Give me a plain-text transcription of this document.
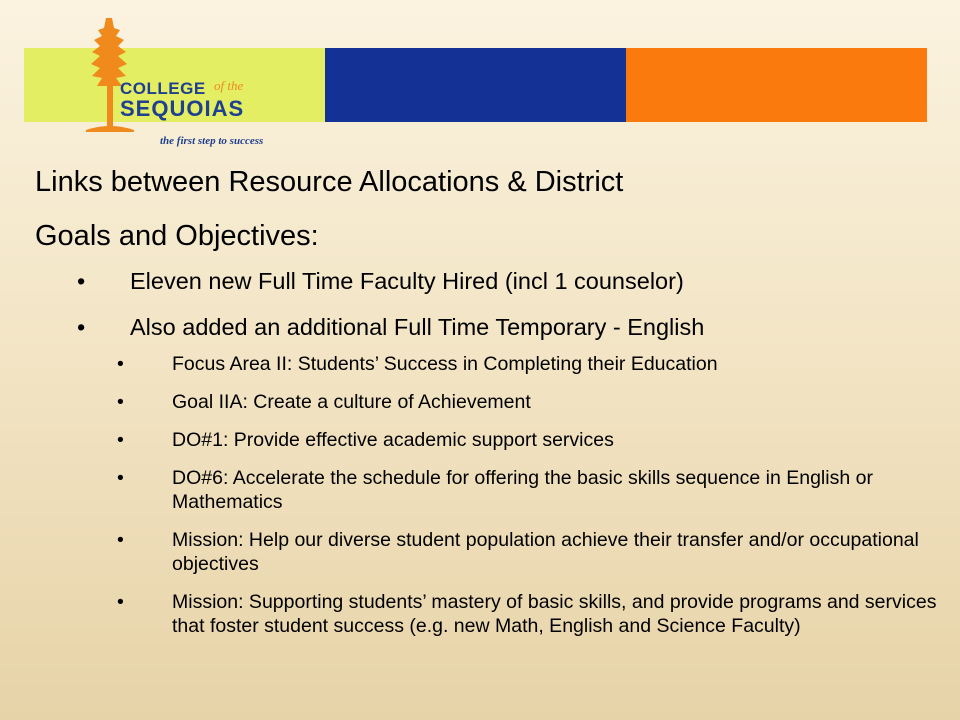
COLLEGE of the
SEQUOIAS
the first step to success
Links between Resource Allocations & District
Goals and Objectives:
• Eleven new Full Time Faculty Hired (incl 1 counselor)
• Also added an additional Full Time Temporary - English
• Focus Area II: Students’ Success in Completing their Education
• Goal IIA: Create a culture of Achievement
• DO#1: Provide effective academic support services
• DO#6: Accelerate the schedule for offering the basic skills sequence in English or Mathematics
• Mission: Help our diverse student population achieve their transfer and/or occupational objectives
• Mission: Supporting students’ mastery of basic skills, and provide programs and services that foster student success (e.g. new Math, English and Science Faculty)
